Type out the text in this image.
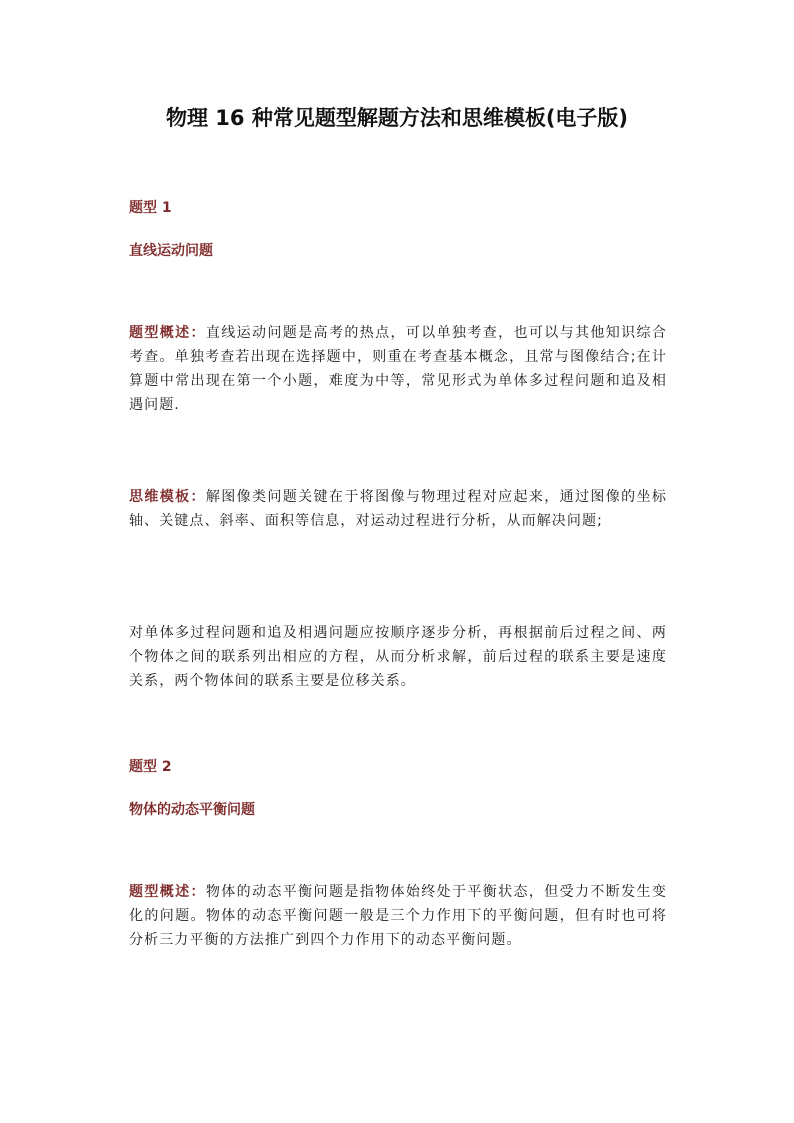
物理 16 种常见题型解题方法和思维模板(电子版)

题型 1

直线运动问题

题型概述：直线运动问题是高考的热点，可以单独考查，也可以与其他知识综合考查。单独考查若出现在选择题中，则重在考查基本概念，且常与图像结合;在计算题中常出现在第一个小题，难度为中等，常见形式为单体多过程问题和追及相遇问题.

思维模板：解图像类问题关键在于将图像与物理过程对应起来，通过图像的坐标轴、关键点、斜率、面积等信息，对运动过程进行分析，从而解决问题;

对单体多过程问题和追及相遇问题应按顺序逐步分析，再根据前后过程之间、两个物体之间的联系列出相应的方程，从而分析求解，前后过程的联系主要是速度关系，两个物体间的联系主要是位移关系。

题型 2

物体的动态平衡问题

题型概述：物体的动态平衡问题是指物体始终处于平衡状态，但受力不断发生变化的问题。物体的动态平衡问题一般是三个力作用下的平衡问题，但有时也可将分析三力平衡的方法推广到四个力作用下的动态平衡问题。
